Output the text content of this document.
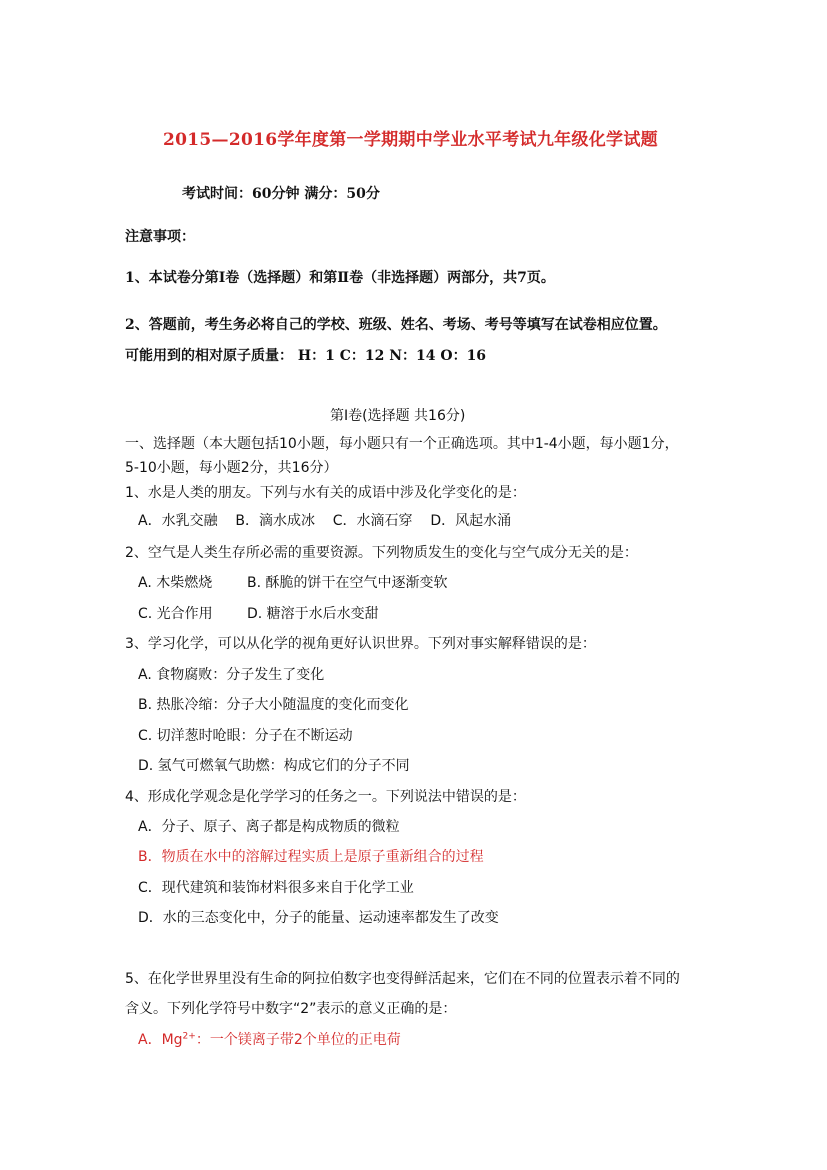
2015—2016学年度第一学期期中学业水平考试九年级化学试题
考试时间：60分钟 满分：50分
注意事项：
1、本试卷分第Ⅰ卷（选择题）和第Ⅱ卷（非选择题）两部分，共7页。
2、答题前，考生务必将自己的学校、班级、姓名、考场、考号等填写在试卷相应位置。
可能用到的相对原子质量： H：1 C：12 N：14 O：16
第Ⅰ卷(选择题 共16分)
一、选择题（本大题包括10小题，每小题只有一个正确选项。其中1-4小题，每小题1分，
5-10小题，每小题2分，共16分）
1、水是人类的朋友。下列与水有关的成语中涉及化学变化的是：
A．水乳交融    B．滴水成冰    C．水滴石穿    D．风起水涌
2、空气是人类生存所必需的重要资源。下列物质发生的变化与空气成分无关的是：
A. 木柴燃烧 B. 酥脆的饼干在空气中逐渐变软
C. 光合作用 D. 糖溶于水后水变甜
3、学习化学，可以从化学的视角更好认识世界。下列对事实解释错误的是：
A. 食物腐败：分子发生了变化
B. 热胀冷缩：分子大小随温度的变化而变化
C. 切洋葱时呛眼：分子在不断运动
D. 氢气可燃氧气助燃：构成它们的分子不同
4、形成化学观念是化学学习的任务之一。下列说法中错误的是：
A．分子、原子、离子都是构成物质的微粒
B．物质在水中的溶解过程实质上是原子重新组合的过程
C．现代建筑和装饰材料很多来自于化学工业
D．水的三态变化中，分子的能量、运动速率都发生了改变
5、在化学世界里没有生命的阿拉伯数字也变得鲜活起来，它们在不同的位置表示着不同的
含义。下列化学符号中数字“2”表示的意义正确的是：
A．$Mg^{2+}$：一个镁离子带2个单位的正电荷
